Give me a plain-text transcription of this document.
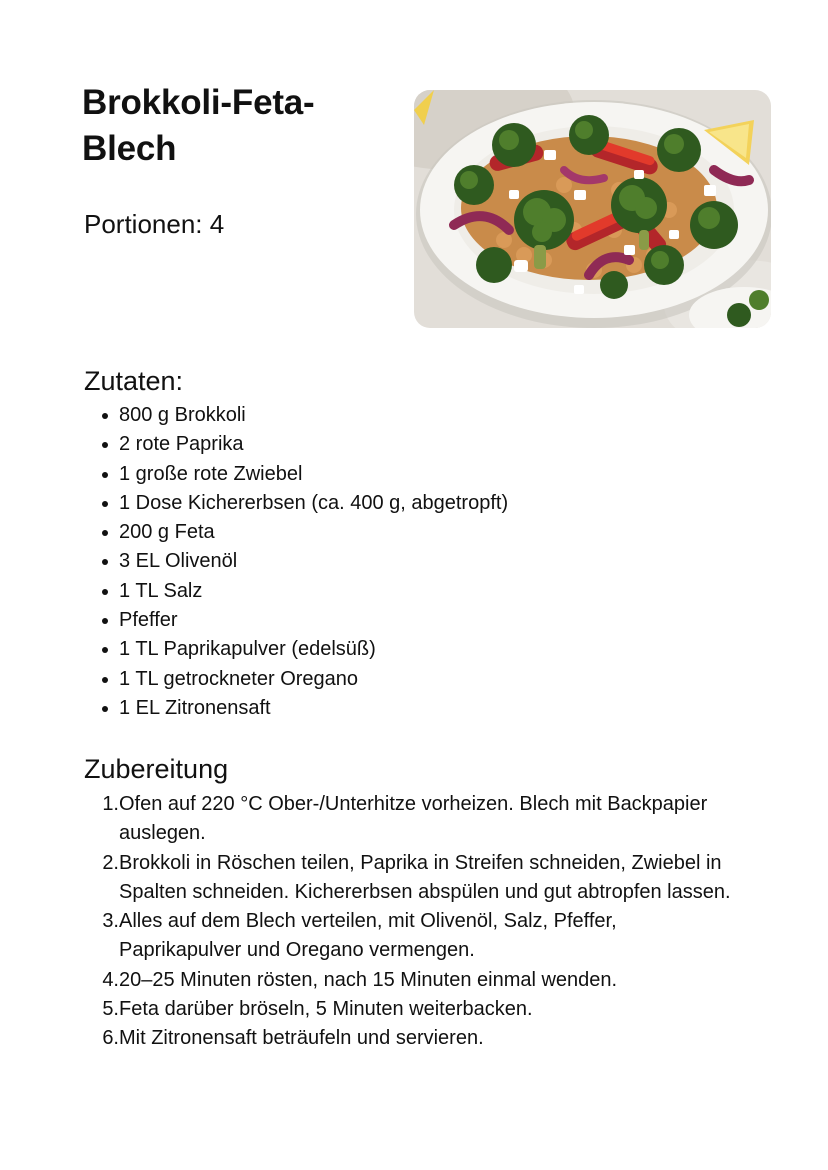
Brokkoli-Feta-Blech
Portionen: 4
Zutaten:
800 g Brokkoli
2 rote Paprika
1 große rote Zwiebel
1 Dose Kichererbsen (ca. 400 g, abgetropft)
200 g Feta
3 EL Olivenöl
1 TL Salz
Pfeffer
1 TL Paprikapulver (edelsüß)
1 TL getrockneter Oregano
1 EL Zitronensaft
Zubereitung
1. Ofen auf 220 °C Ober-/Unterhitze vorheizen. Blech mit Backpapier auslegen.
2. Brokkoli in Röschen teilen, Paprika in Streifen schneiden, Zwiebel in Spalten schneiden. Kichererbsen abspülen und gut abtropfen lassen.
3. Alles auf dem Blech verteilen, mit Olivenöl, Salz, Pfeffer, Paprikapulver und Oregano vermengen.
4. 20–25 Minuten rösten, nach 15 Minuten einmal wenden.
5. Feta darüber bröseln, 5 Minuten weiterbacken.
6. Mit Zitronensaft beträufeln und servieren.
